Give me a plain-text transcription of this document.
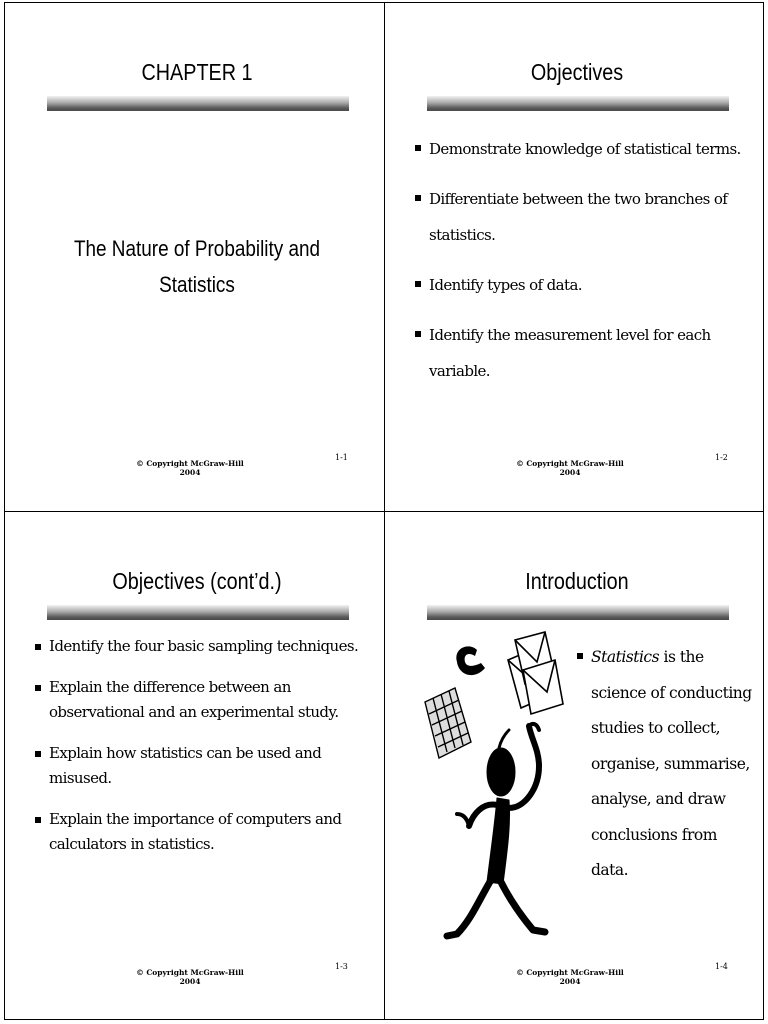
CHAPTER 1
The Nature of Probability and
Statistics
© Copyright McGraw-Hill 2004
1-1
Objectives
Demonstrate knowledge of statistical terms.
Differentiate between the two branches of statistics.
Identify types of data.
Identify the measurement level for each variable.
© Copyright McGraw-Hill 2004
1-2
Objectives (cont’d.)
Identify the four basic sampling techniques.
Explain the difference between an observational and an experimental study.
Explain how statistics can be used and misused.
Explain the importance of computers and calculators in statistics.
© Copyright McGraw-Hill 2004
1-3
Introduction
Statistics is the science of conducting studies to collect, organise, summarise, analyse, and draw conclusions from data.
© Copyright McGraw-Hill 2004
1-4
